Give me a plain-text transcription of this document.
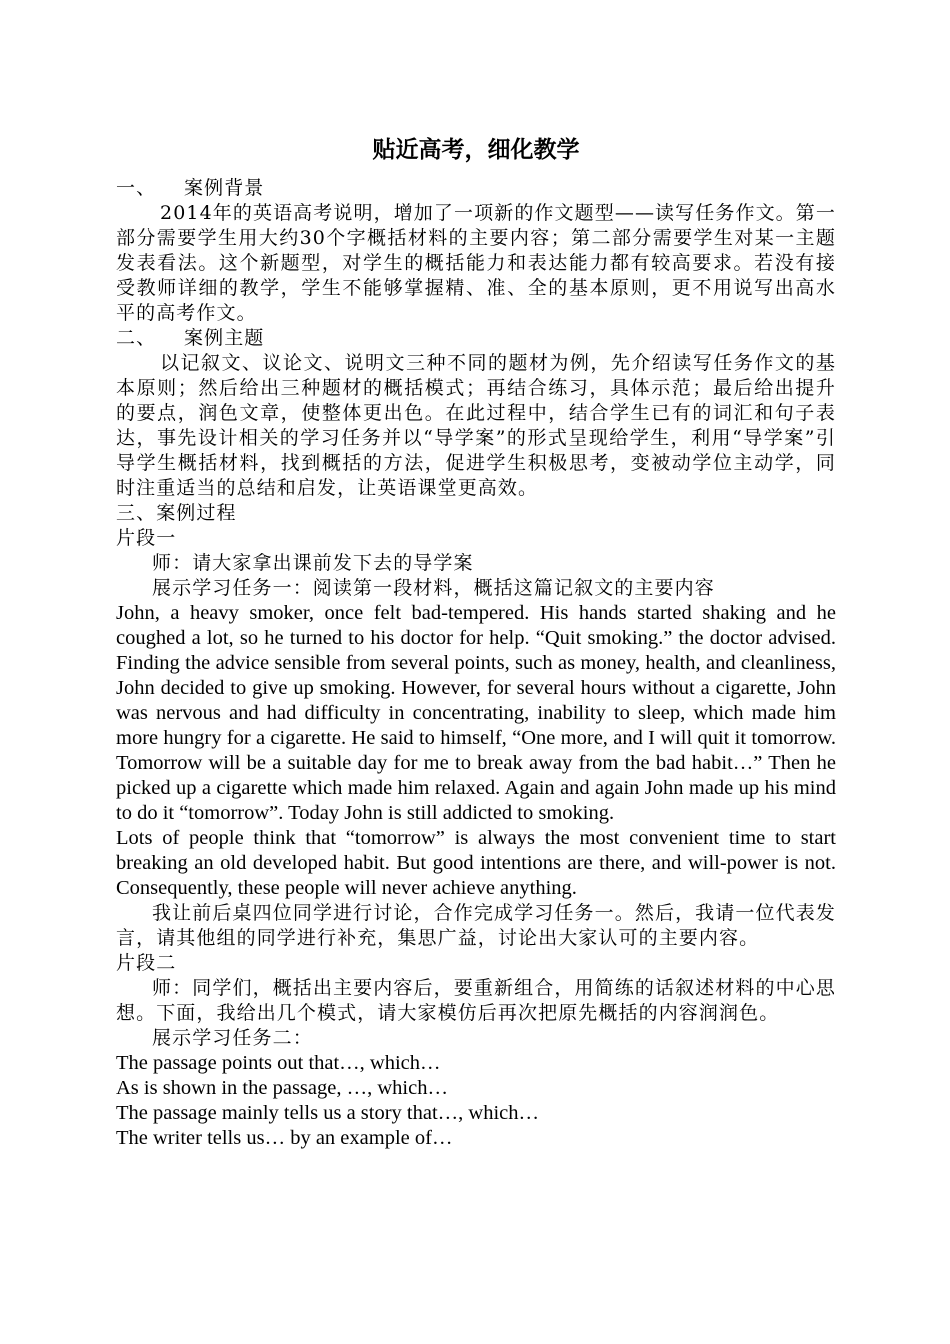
贴近高考，细化教学

一、 案例背景

2014年的英语高考说明，增加了一项新的作文题型——读写任务作文。第一部分需要学生用大约30个字概括材料的主要内容；第二部分需要学生对某一主题发表看法。这个新题型，对学生的概括能力和表达能力都有较高要求。若没有接受教师详细的教学，学生不能够掌握精、准、全的基本原则，更不用说写出高水平的高考作文。

二、 案例主题

以记叙文、议论文、说明文三种不同的题材为例，先介绍读写任务作文的基本原则；然后给出三种题材的概括模式；再结合练习，具体示范；最后给出提升的要点，润色文章，使整体更出色。在此过程中，结合学生已有的词汇和句子表达，事先设计相关的学习任务并以“导学案”的形式呈现给学生，利用“导学案”引导学生概括材料，找到概括的方法，促进学生积极思考，变被动学位主动学，同时注重适当的总结和启发，让英语课堂更高效。

三、案例过程

片段一

师：请大家拿出课前发下去的导学案

展示学习任务一：阅读第一段材料，概括这篇记叙文的主要内容

John, a heavy smoker, once felt bad-tempered. His hands started shaking and he coughed a lot, so he turned to his doctor for help. “Quit smoking.” the doctor advised. Finding the advice sensible from several points, such as money, health, and cleanliness, John decided to give up smoking. However, for several hours without a cigarette, John was nervous and had difficulty in concentrating, inability to sleep, which made him more hungry for a cigarette. He said to himself, “One more, and I will quit it tomorrow. Tomorrow will be a suitable day for me to break away from the bad habit…” Then he picked up a cigarette which made him relaxed. Again and again John made up his mind to do it “tomorrow”. Today John is still addicted to smoking.

Lots of people think that “tomorrow” is always the most convenient time to start breaking an old developed habit. But good intentions are there, and will-power is not. Consequently, these people will never achieve anything.

我让前后桌四位同学进行讨论，合作完成学习任务一。然后，我请一位代表发言，请其他组的同学进行补充，集思广益，讨论出大家认可的主要内容。

片段二

师：同学们，概括出主要内容后，要重新组合，用简练的话叙述材料的中心思想。下面，我给出几个模式，请大家模仿后再次把原先概括的内容润润色。

展示学习任务二：

The passage points out that…, which…

As is shown in the passage, …, which…

The passage mainly tells us a story that…, which…

The writer tells us… by an example of…
